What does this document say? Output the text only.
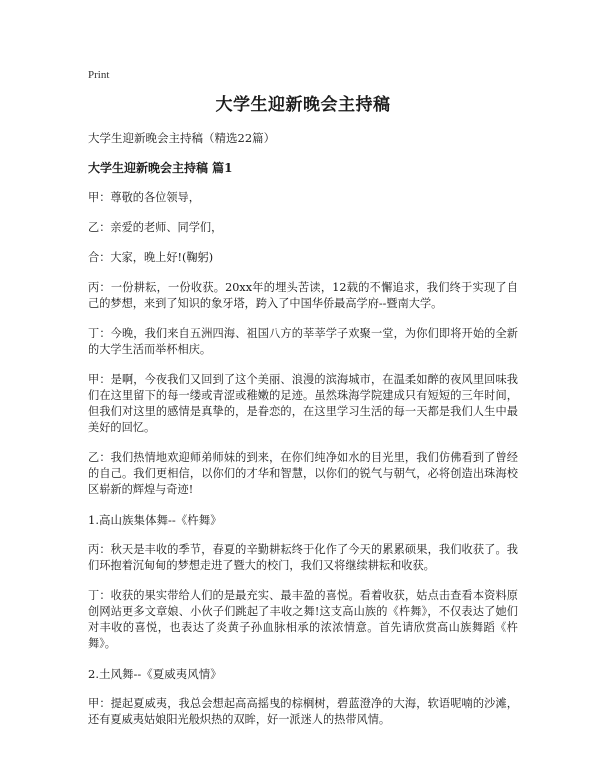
Print
大学生迎新晚会主持稿
大学生迎新晚会主持稿（精选22篇）
大学生迎新晚会主持稿 篇1

甲：尊敬的各位领导，

乙：亲爱的老师、同学们，

合：大家，晚上好!(鞠躬)

丙：一份耕耘，一份收获。20xx年的埋头苦读，12载的不懈追求，我们终于实现了自己的梦想，来到了知识的象牙塔，跨入了中国华侨最高学府--暨南大学。

丁：今晚，我们来自五洲四海、祖国八方的莘莘学子欢聚一堂，为你们即将开始的全新的大学生活而举杯相庆。

甲：是啊，今夜我们又回到了这个美丽、浪漫的滨海城市，在温柔如醉的夜风里回味我们在这里留下的每一缕或青涩或稚嫩的足迹。虽然珠海学院建成只有短短的三年时间，但我们对这里的感情是真挚的，是眷恋的，在这里学习生活的每一天都是我们人生中最美好的回忆。

乙：我们热情地欢迎师弟师妹的到来，在你们纯净如水的目光里，我们仿佛看到了曾经的自己。我们更相信，以你们的才华和智慧，以你们的锐气与朝气，必将创造出珠海校区崭新的辉煌与奇迹!

1.高山族集体舞--《杵舞》

丙：秋天是丰收的季节，春夏的辛勤耕耘终于化作了今天的累累硕果，我们收获了。我们环抱着沉甸甸的梦想走进了暨大的校门，我们又将继续耕耘和收获。

丁：收获的果实带给人们的是最充实、最丰盈的喜悦。看着收获，姑点击查看本资料原创网站更多文章娘、小伙子们跳起了丰收之舞!这支高山族的《杵舞》，不仅表达了她们对丰收的喜悦，也表达了炎黄子孙血脉相承的浓浓情意。首先请欣赏高山族舞蹈《杵舞》。

2.土风舞--《夏威夷风情》

甲：提起夏威夷，我总会想起高高摇曳的棕榈树，碧蓝澄净的大海，软语呢喃的沙滩，还有夏威夷姑娘阳光般炽热的双眸，好一派迷人的热带风情。
